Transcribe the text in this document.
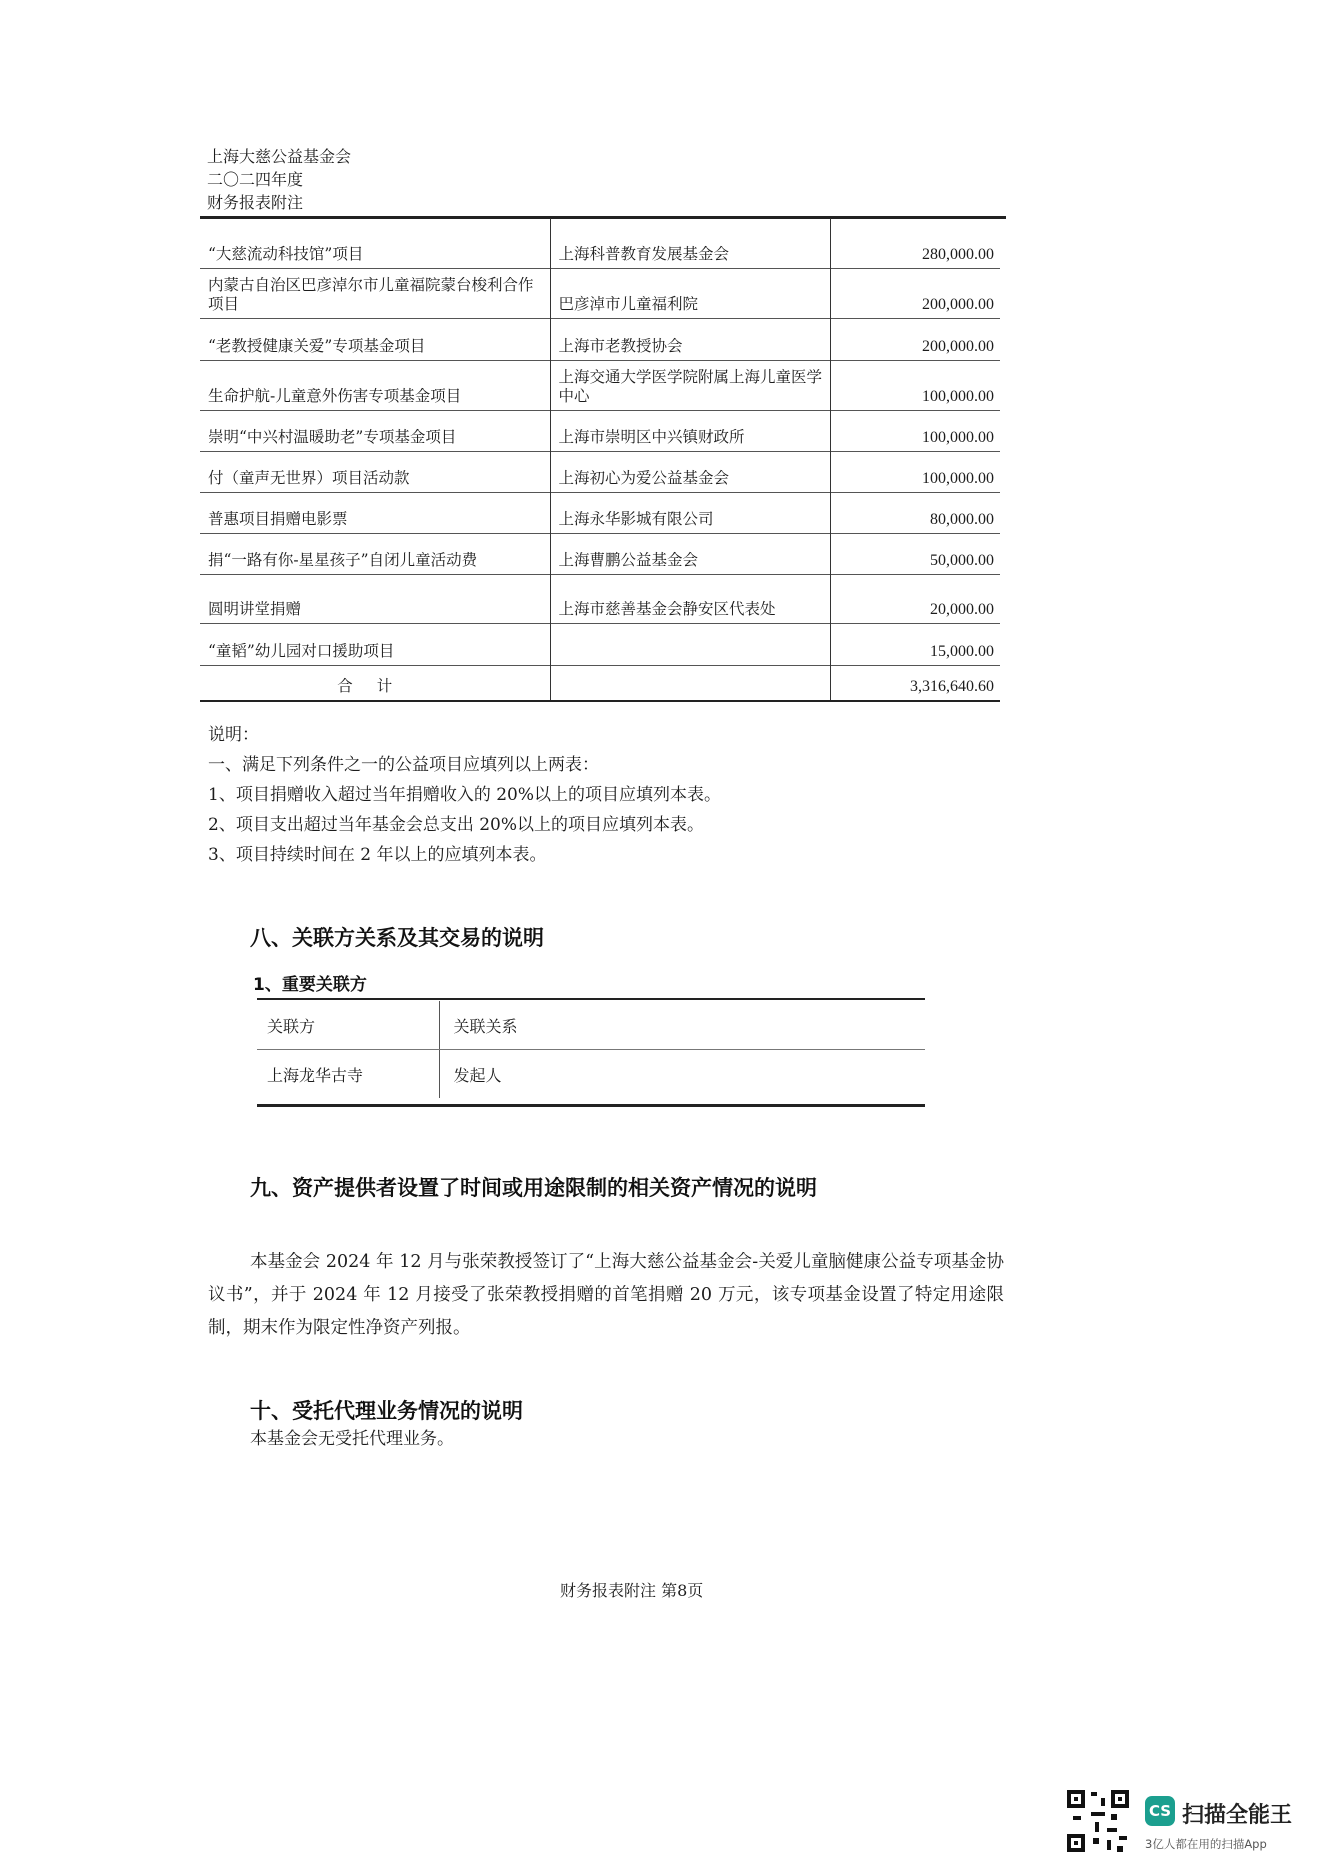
上海大慈公益基金会
二〇二四年度
财务报表附注
“大慈流动科技馆”项目	上海科普教育发展基金会	280,000.00
内蒙古自治区巴彦淖尔市儿童福院蒙台梭利合作项目	巴彦淖市儿童福利院	200,000.00
“老教授健康关爱”专项基金项目	上海市老教授协会	200,000.00
生命护航-儿童意外伤害专项基金项目	上海交通大学医学院附属上海儿童医学中心	100,000.00
崇明“中兴村温暖助老”专项基金项目	上海市崇明区中兴镇财政所	100,000.00
付（童声无世界）项目活动款	上海初心为爱公益基金会	100,000.00
普惠项目捐赠电影票	上海永华影城有限公司	80,000.00
捐“一路有你-星星孩子”自闭儿童活动费	上海曹鹏公益基金会	50,000.00
圆明讲堂捐赠	上海市慈善基金会静安区代表处	20,000.00
“童韬”幼儿园对口援助项目		15,000.00
合计		3,316,640.60
说明：
一、满足下列条件之一的公益项目应填列以上两表：
1、项目捐赠收入超过当年捐赠收入的 20%以上的项目应填列本表。
2、项目支出超过当年基金会总支出 20%以上的项目应填列本表。
3、项目持续时间在 2 年以上的应填列本表。
八、关联方关系及其交易的说明
1、重要关联方
关联方	关联关系
上海龙华古寺	发起人
九、资产提供者设置了时间或用途限制的相关资产情况的说明
本基金会 2024 年 12 月与张荣教授签订了“上海大慈公益基金会-关爱儿童脑健康公益专项基金协议书”，并于 2024 年 12 月接受了张荣教授捐赠的首笔捐赠 20 万元，该专项基金设置了特定用途限制，期末作为限定性净资产列报。
十、受托代理业务情况的说明
本基金会无受托代理业务。
财务报表附注 第8页
CS 扫描全能王
3亿人都在用的扫描App
